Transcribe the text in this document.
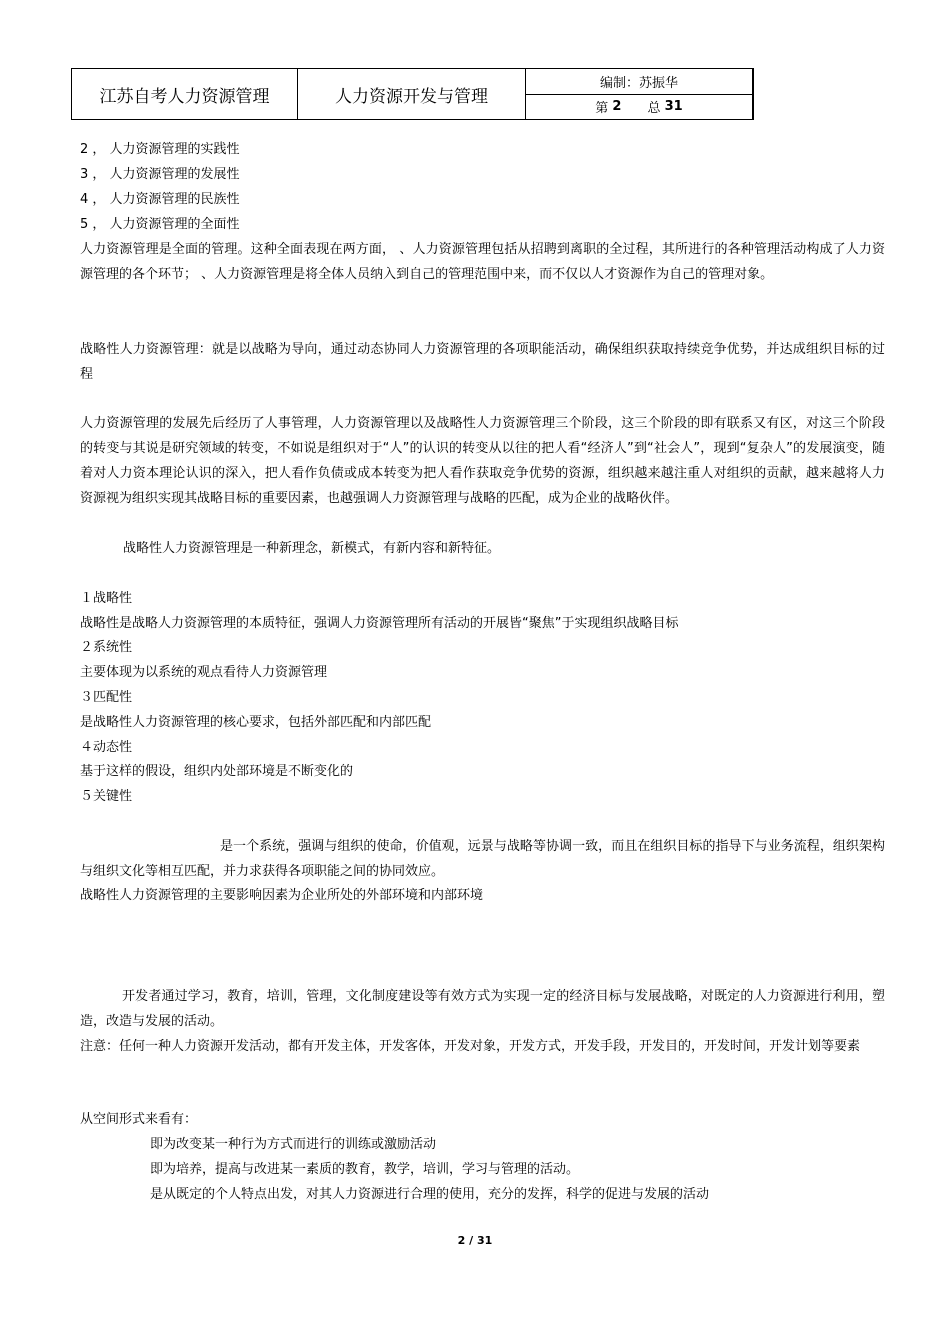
江苏自考人力资源管理	人力资源开发与管理
编制：苏振华
第
2 总
31
2 ， 人力资源管理的实践性
3 ， 人力资源管理的发展性
4 ， 人力资源管理的民族性
5 ， 人力资源管理的全面性
人力资源管理是全面的管理。这种全面表现在两方面， 、人力资源管理包括从招聘到离职的全过程，其所进行的各种管理活动构成了人力资源管理的各个环节； 、人力资源管理是将全体人员纳入到自己的管理范围中来，而不仅以人才资源作为自己的管理对象。
战略性人力资源管理：就是以战略为导向，通过动态协同人力资源管理的各项职能活动，确保组织获取持续竞争优势，并达成组织目标的过程
人力资源管理的发展先后经历了人事管理，人力资源管理以及战略性人力资源管理三个阶段，这三个阶段的即有联系又有区，对这三个阶段的转变与其说是研究领域的转变，不如说是组织对于“人”的认识的转变从以往的把人看“经济人”到“社会人”，现到“复杂人”的发展演变，随着对人力资本理论认识的深入，把人看作负债或成本转变为把人看作获取竞争优势的资源，组织越来越注重人对组织的贡献，越来越将人力资源视为组织实现其战略目标的重要因素，也越强调人力资源管理与战略的匹配，成为企业的战略伙伴。
战略性人力资源管理是一种新理念，新模式，有新内容和新特征。
１战略性
战略性是战略人力资源管理的本质特征，强调人力资源管理所有活动的开展皆“聚焦”于实现组织战略目标
２系统性
主要体现为以系统的观点看待人力资源管理
３匹配性
是战略性人力资源管理的核心要求，包括外部匹配和内部匹配
４动态性
基于这样的假设，组织内处部环境是不断变化的
５关键性
是一个系统，强调与组织的使命，价值观，远景与战略等协调一致，而且在组织目标的指导下与业务流程，组织架构与组织文化等相互匹配，并力求获得各项职能之间的协同效应。
战略性人力资源管理的主要影响因素为企业所处的外部环境和内部环境
开发者通过学习，教育，培训，管理，文化制度建设等有效方式为实现一定的经济目标与发展战略，对既定的人力资源进行利用，塑造，改造与发展的活动。
注意：任何一种人力资源开发活动，都有开发主体，开发客体，开发对象，开发方式，开发手段，开发目的，开发时间，开发计划等要素
从空间形式来看有：
即为改变某一种行为方式而进行的训练或激励活动
即为培养，提高与改进某一素质的教育，教学，培训，学习与管理的活动。
是从既定的个人特点出发，对其人力资源进行合理的使用，充分的发挥，科学的促进与发展的活动
2 / 31
